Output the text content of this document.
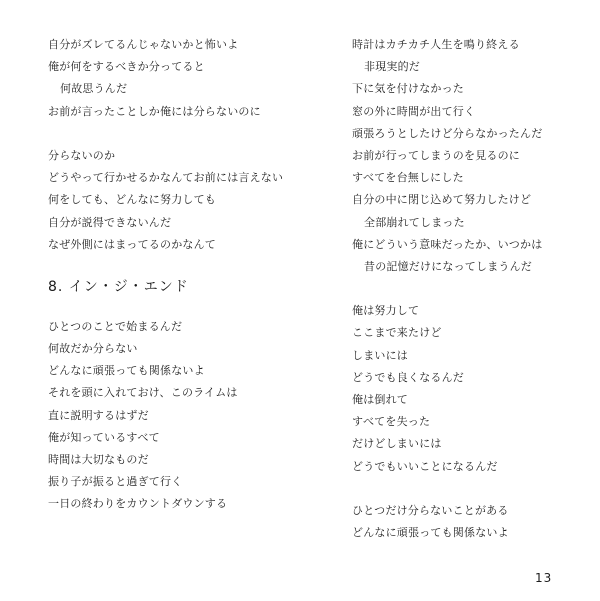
自分がズレてるんじゃないかと怖いよ
俺が何をするべきか分ってると
何故思うんだ
お前が言ったことしか俺には分らないのに
分らないのか
どうやって行かせるかなんてお前には言えない
何をしても、どんなに努力しても
自分が説得できないんだ
なぜ外側にはまってるのかなんて
8. イン・ジ・エンド
ひとつのことで始まるんだ
何故だか分らない
どんなに頑張っても関係ないよ
それを頭に入れておけ、このライムは
直に説明するはずだ
俺が知っているすべて
時間は大切なものだ
振り子が振ると過ぎて行く
一日の終わりをカウントダウンする
時計はカチカチ人生を鳴り終える
非現実的だ
下に気を付けなかった
窓の外に時間が出て行く
頑張ろうとしたけど分らなかったんだ
お前が行ってしまうのを見るのに
すべてを台無しにした
自分の中に閉じ込めて努力したけど
全部崩れてしまった
俺にどういう意味だったか、いつかは
昔の記憶だけになってしまうんだ
俺は努力して
ここまで来たけど
しまいには
どうでも良くなるんだ
俺は倒れて
すべてを失った
だけどしまいには
どうでもいいことになるんだ
ひとつだけ分らないことがある
どんなに頑張っても関係ないよ
13
